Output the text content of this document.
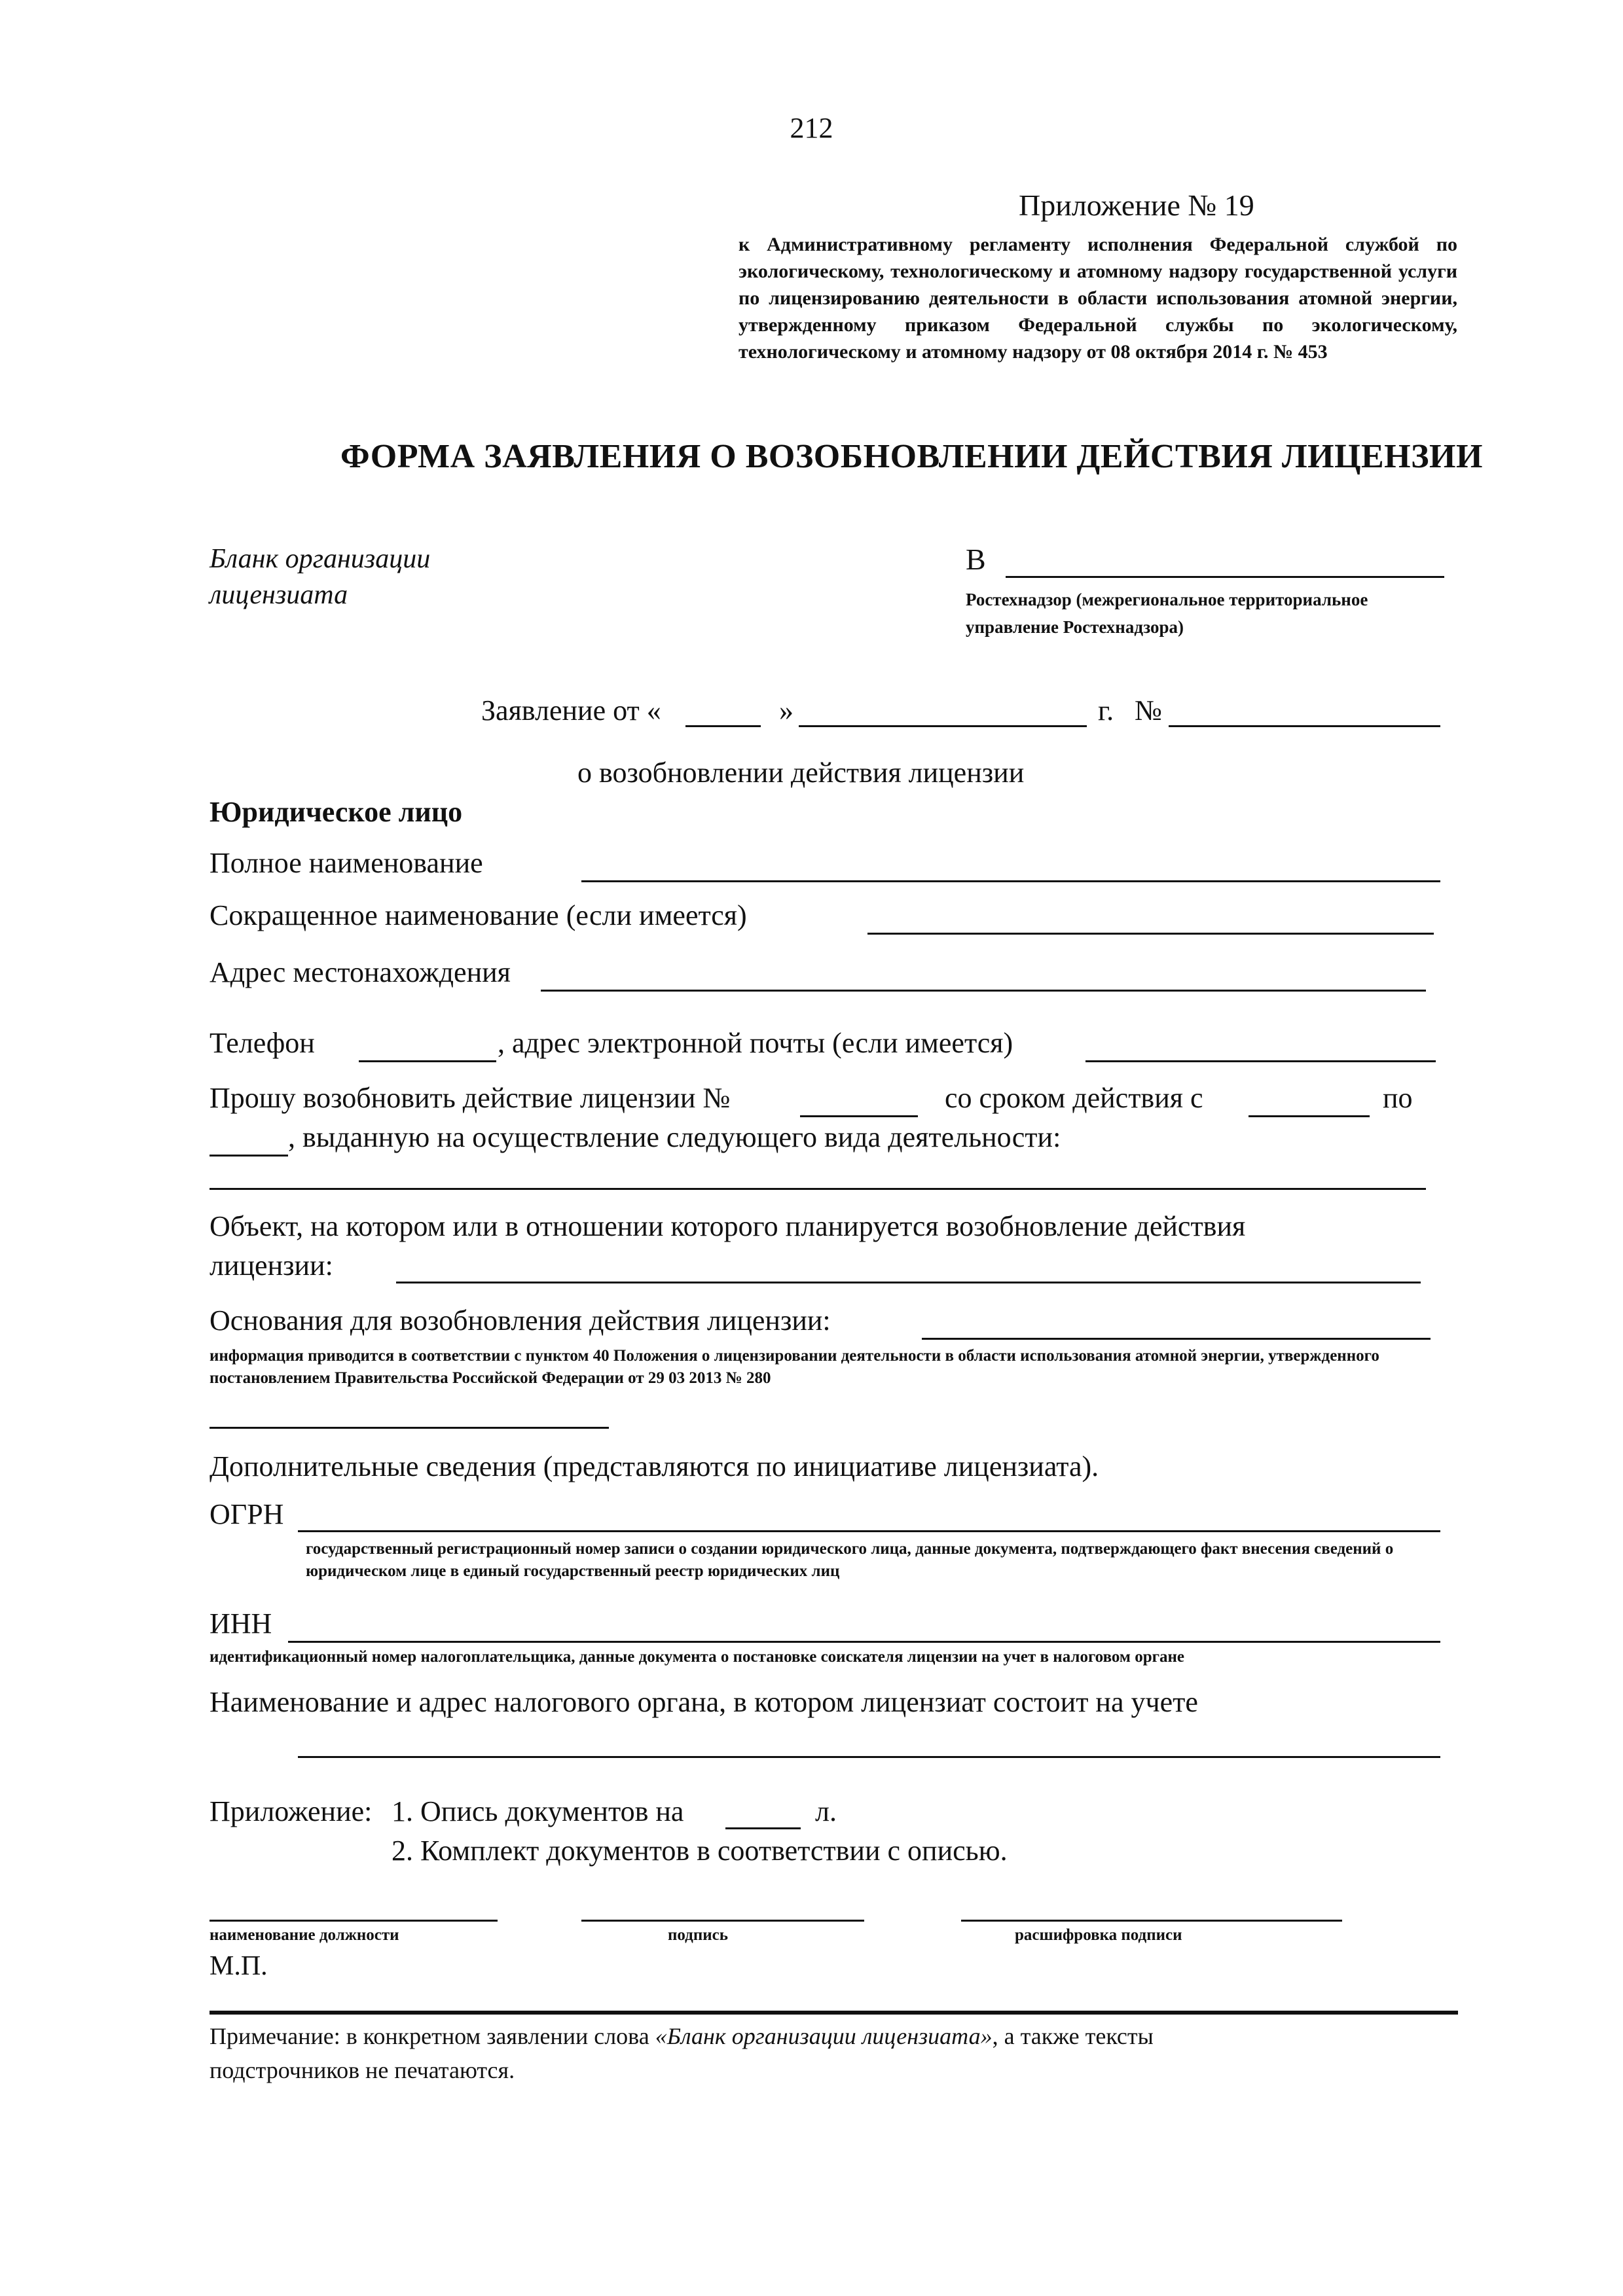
212
Приложение № 19
к Административному регламенту исполнения Федеральной службой по экологическому, технологическому и атомному надзору государственной услуги по лицензированию деятельности в области использования атомной энергии, утвержденному приказом Федеральной службы по экологическому, технологическому и атомному надзору от 08 октября 2014 г. № 453
ФОРМА ЗАЯВЛЕНИЯ О ВОЗОБНОВЛЕНИИ ДЕЙСТВИЯ ЛИЦЕНЗИИ
Бланк организации
лицензиата
В
Ростехнадзор (межрегиональное территориальное управление Ростехнадзора)
Заявление от «	»	г. №
о возобновлении действия лицензии
Юридическое лицо
Полное наименование
Сокращенное наименование (если имеется)
Адрес местонахождения
Телефон	, адрес электронной почты (если имеется)
Прошу возобновить действие лицензии №	со сроком действия с	по
, выданную на осуществление следующего вида деятельности:
Объект, на котором или в отношении которого планируется возобновление действия
лицензии:
Основания для возобновления действия лицензии:
информация приводится в соответствии с пунктом 40 Положения о лицензировании деятельности в области использования атомной энергии, утвержденного постановлением Правительства Российской Федерации от 29 03 2013 № 280
Дополнительные сведения (представляются по инициативе лицензиата).
ОГРН
государственный регистрационный номер записи о создании юридического лица, данные документа, подтверждающего факт внесения сведений о юридическом лице в единый государственный реестр юридических лиц
ИНН
идентификационный номер налогоплательщика, данные документа о постановке соискателя лицензии на учет в налоговом органе
Наименование и адрес налогового органа, в котором лицензиат состоит на учете
Приложение: 1. Опись документов на	л.
2. Комплект документов в соответствии с описью.
наименование должности	подпись	расшифровка подписи
М.П.
Примечание: в конкретном заявлении слова «Бланк организации лицензиата», а также тексты подстрочников не печатаются.
